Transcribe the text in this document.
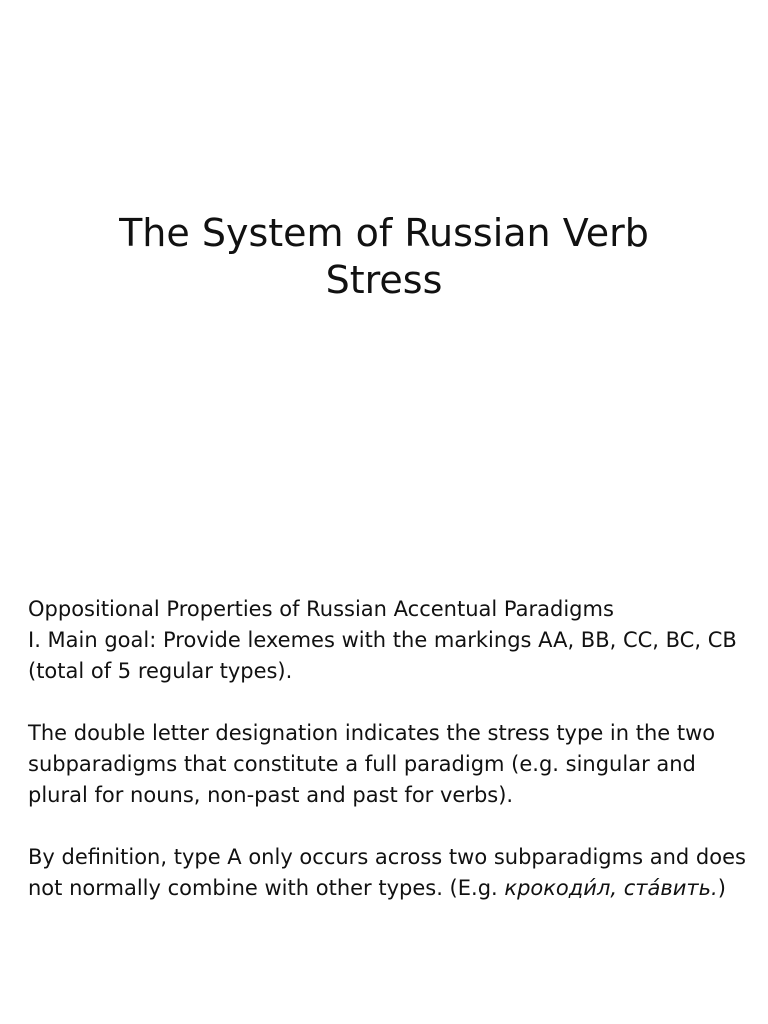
The System of Russian Verb
Stress
Oppositional Properties of Russian Accentual Paradigms
I. Main goal: Provide lexemes with the markings AA, BB, CC, BC, CB
(total of 5 regular types).
The double letter designation indicates the stress type in the two
subparadigms that constitute a full paradigm (e.g. singular and
plural for nouns, non-past and past for verbs).
By definition, type A only occurs across two subparadigms and does
not normally combine with other types. (E.g. крокоди́л, ста́вить.)
